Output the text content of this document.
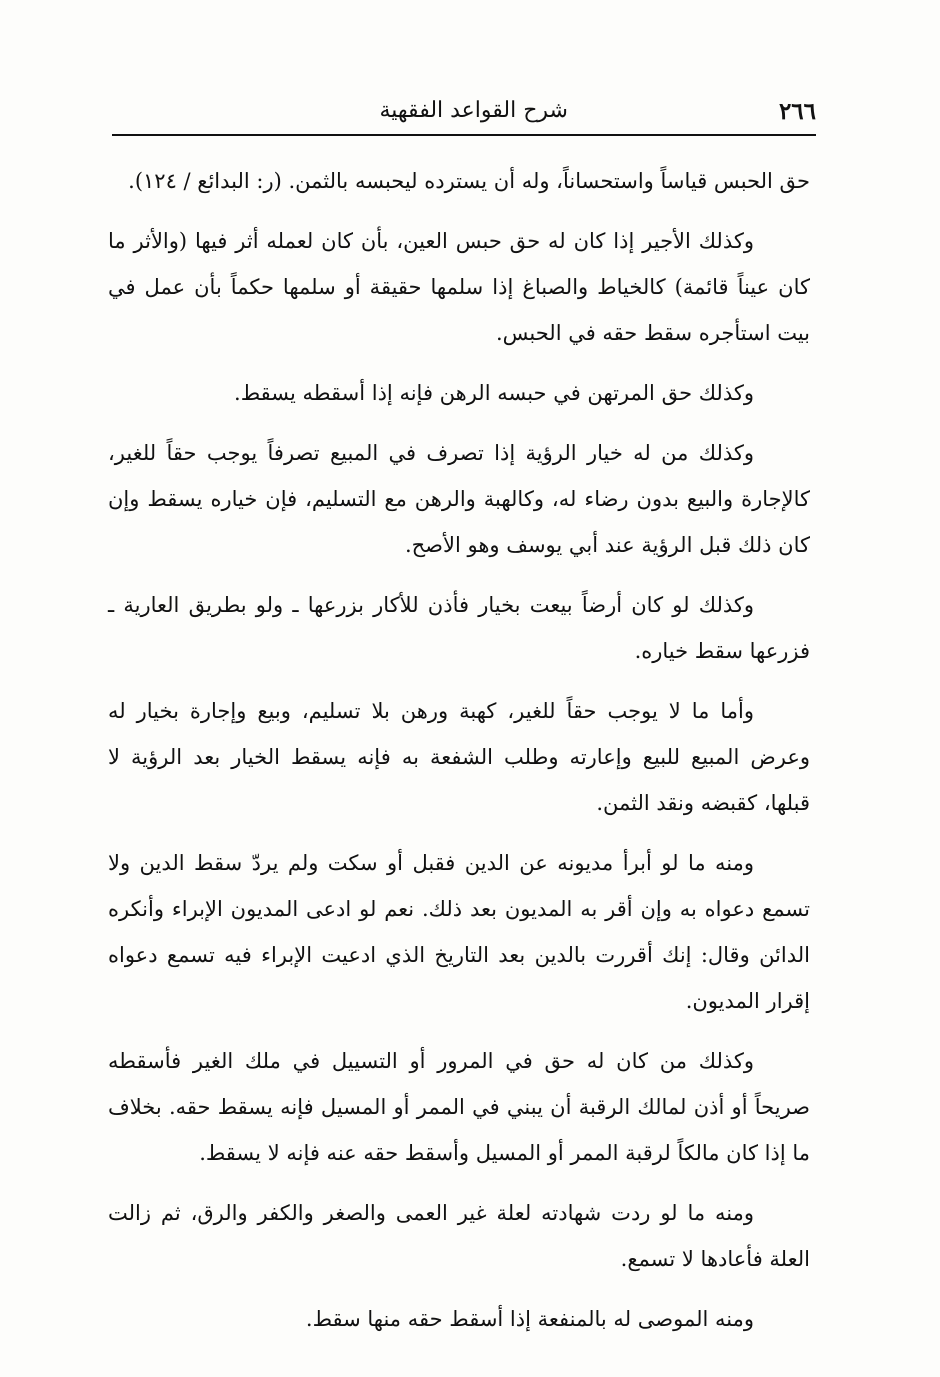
٢٦٦
شرح القواعد الفقهية

حق الحبس قياساً واستحساناً، وله أن يسترده ليحبسه بالثمن. (ر: البدائع / ١٢٤).

وكذلك الأجير إذا كان له حق حبس العين، بأن كان لعمله أثر فيها (والأثر ما كان عيناً قائمة) كالخياط والصباغ إذا سلمها حقيقة أو سلمها حكماً بأن عمل في بيت استأجره سقط حقه في الحبس.

وكذلك حق المرتهن في حبسه الرهن فإنه إذا أسقطه يسقط.

وكذلك من له خيار الرؤية إذا تصرف في المبيع تصرفاً يوجب حقاً للغير، كالإجارة والبيع بدون رضاء له، وكالهبة والرهن مع التسليم، فإن خياره يسقط وإن كان ذلك قبل الرؤية عند أبي يوسف وهو الأصح.

وكذلك لو كان أرضاً بيعت بخيار فأذن للأكار بزرعها ـ ولو بطريق العارية ـ فزرعها سقط خياره.

وأما ما لا يوجب حقاً للغير، كهبة ورهن بلا تسليم، وبيع وإجارة بخيار له وعرض المبيع للبيع وإعارته وطلب الشفعة به فإنه يسقط الخيار بعد الرؤية لا قبلها، كقبضه ونقد الثمن.

ومنه ما لو أبرأ مديونه عن الدين فقبل أو سكت ولم يردّ سقط الدين ولا تسمع دعواه به وإن أقر به المديون بعد ذلك. نعم لو ادعى المديون الإبراء وأنكره الدائن وقال: إنك أقررت بالدين بعد التاريخ الذي ادعيت الإبراء فيه تسمع دعواه إقرار المديون.

وكذلك من كان له حق في المرور أو التسييل في ملك الغير فأسقطه صريحاً أو أذن لمالك الرقبة أن يبني في الممر أو المسيل فإنه يسقط حقه. بخلاف ما إذا كان مالكاً لرقبة الممر أو المسيل وأسقط حقه عنه فإنه لا يسقط.

ومنه ما لو ردت شهادته لعلة غير العمى والصغر والكفر والرق، ثم زالت العلة فأعادها لا تسمع.

ومنه الموصى له بالمنفعة إذا أسقط حقه منها سقط.
